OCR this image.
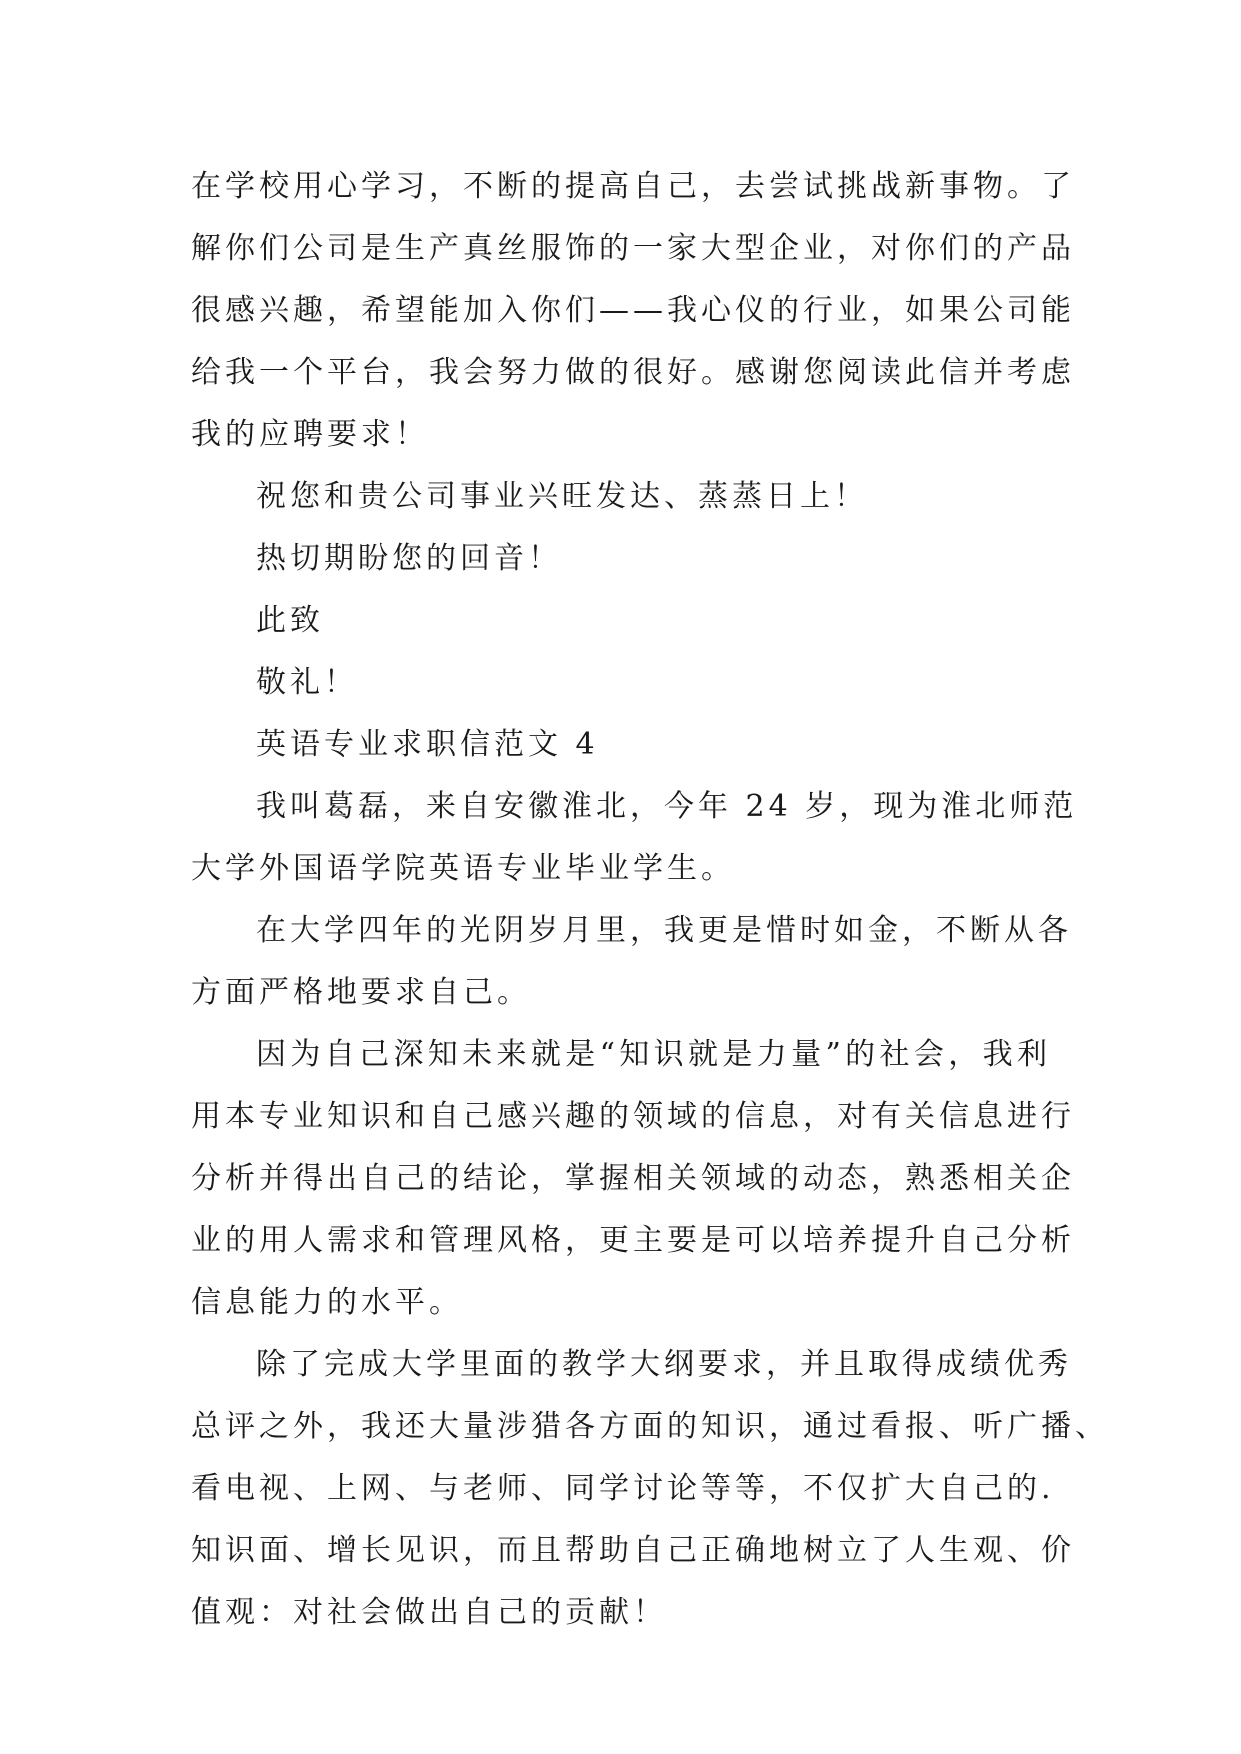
在学校用心学习，不断的提高自己，去尝试挑战新事物。了
解你们公司是生产真丝服饰的一家大型企业，对你们的产品
很感兴趣，希望能加入你们——我心仪的行业，如果公司能
给我一个平台，我会努力做的很好。感谢您阅读此信并考虑
我的应聘要求！
祝您和贵公司事业兴旺发达、蒸蒸日上！
热切期盼您的回音！
此致
敬礼！
英语专业求职信范文 4
我叫葛磊，来自安徽淮北，今年 24 岁，现为淮北师范
大学外国语学院英语专业毕业学生。
在大学四年的光阴岁月里，我更是惜时如金，不断从各
方面严格地要求自己。
因为自己深知未来就是“知识就是力量”的社会，我利
用本专业知识和自己感兴趣的领域的信息，对有关信息进行
分析并得出自己的结论，掌握相关领域的动态，熟悉相关企
业的用人需求和管理风格，更主要是可以培养提升自己分析
信息能力的水平。
除了完成大学里面的教学大纲要求，并且取得成绩优秀
总评之外，我还大量涉猎各方面的知识，通过看报、听广播、
看电视、上网、与老师、同学讨论等等，不仅扩大自己的.
知识面、增长见识，而且帮助自己正确地树立了人生观、价
值观：对社会做出自己的贡献！
